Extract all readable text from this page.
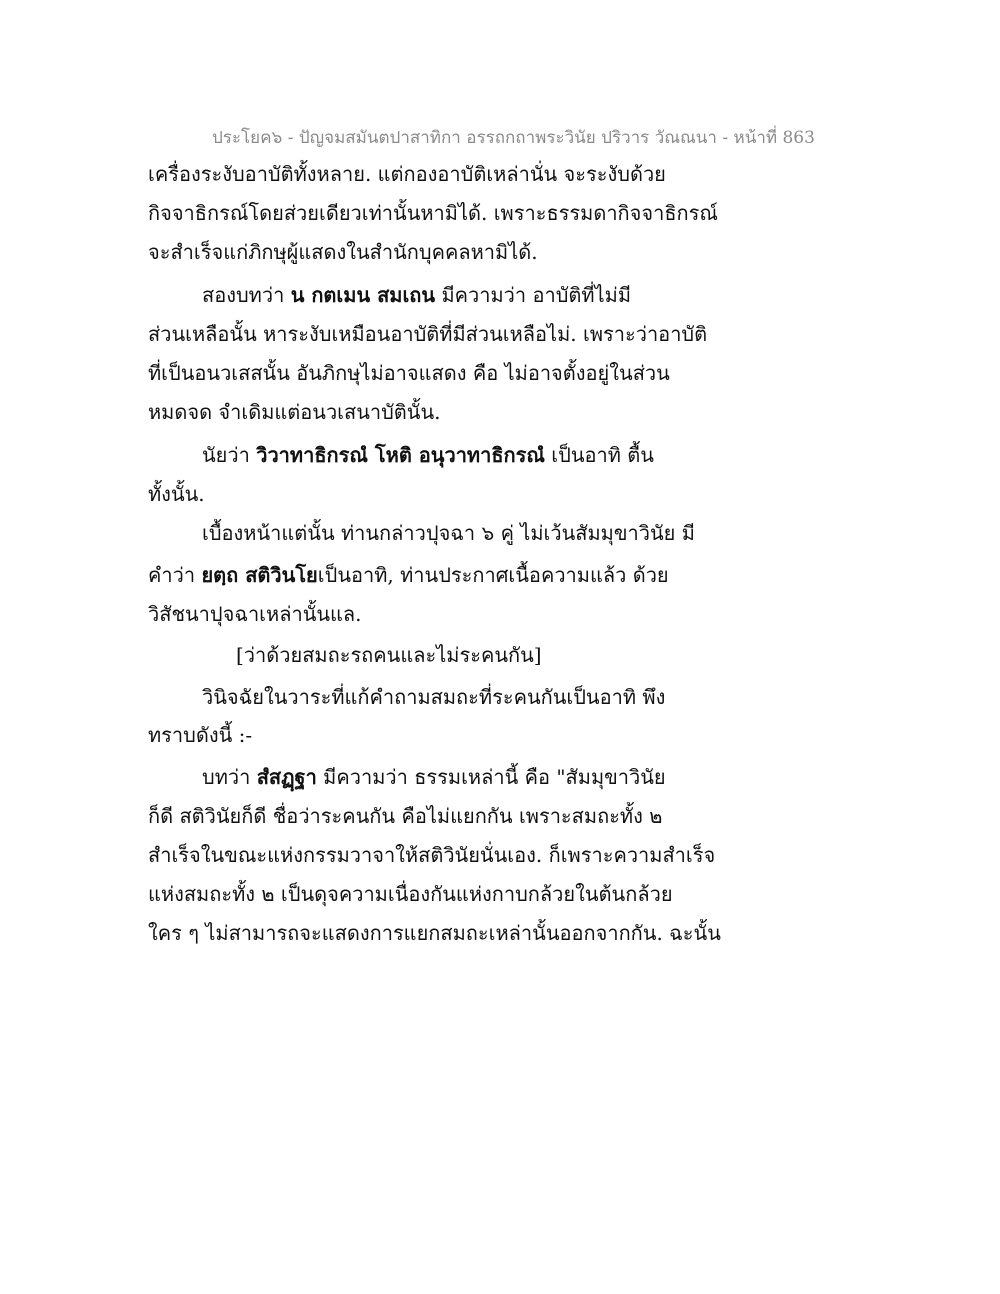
ประโยค๖ - ปัญจมสมันตปาสาทิกา อรรถกถาพระวินัย ปริวาร วัณณนา - หน้าที่ 863
เครื่องระงับอาบัติทั้งหลาย. แต่กองอาบัติเหล่านั่น จะระงับด้วย
กิจจาธิกรณ์โดยส่วยเดียวเท่านั้นหามิได้. เพราะธรรมดากิจจาธิกรณ์
จะสำเร็จแก่ภิกษุผู้แสดงในสำนักบุคคลหามิได้.
สองบทว่า น กตเมน สมเถน มีความว่า อาบัติที่ไม่มี
ส่วนเหลือนั้น หาระงับเหมือนอาบัติที่มีส่วนเหลือไม่. เพราะว่าอาบัติ
ที่เป็นอนวเสสนั้น อันภิกษุไม่อาจแสดง คือ ไม่อาจตั้งอยู่ในส่วน
หมดจด จำเดิมแต่อนวเสนาบัตินั้น.
นัยว่า วิวาทาธิกรณํ โหติ อนุวาทาธิกรณํ เป็นอาทิ ตื้น
ทั้งนั้น.
เบื้องหน้าแต่นั้น ท่านกล่าวปุจฉา ๖ คู่ ไม่เว้นสัมมุขาวินัย มี
คำว่า ยตฺถ สติวินโยเป็นอาทิ, ท่านประกาศเนื้อความแล้ว ด้วย
วิสัชนาปุจฉาเหล่านั้นแล.
[ว่าด้วยสมถะรถคนและไม่ระคนกัน]
วินิจฉัยในวาระที่แก้คำถามสมถะที่ระคนกันเป็นอาทิ พึง
ทราบดังนี้ :-
บทว่า สํสฏฺฐา มีความว่า ธรรมเหล่านี้ คือ "สัมมุขาวินัย
ก็ดี สติวินัยก็ดี ชื่อว่าระคนกัน คือไม่แยกกัน เพราะสมถะทั้ง ๒
สำเร็จในขณะแห่งกรรมวาจาให้สติวินัยนั่นเอง. ก็เพราะความสำเร็จ
แห่งสมถะทั้ง ๒ เป็นดุจความเนื่องกันแห่งกาบกล้วยในต้นกล้วย
ใคร ๆ ไม่สามารถจะแสดงการแยกสมถะเหล่านั้นออกจากกัน. ฉะนั้น
